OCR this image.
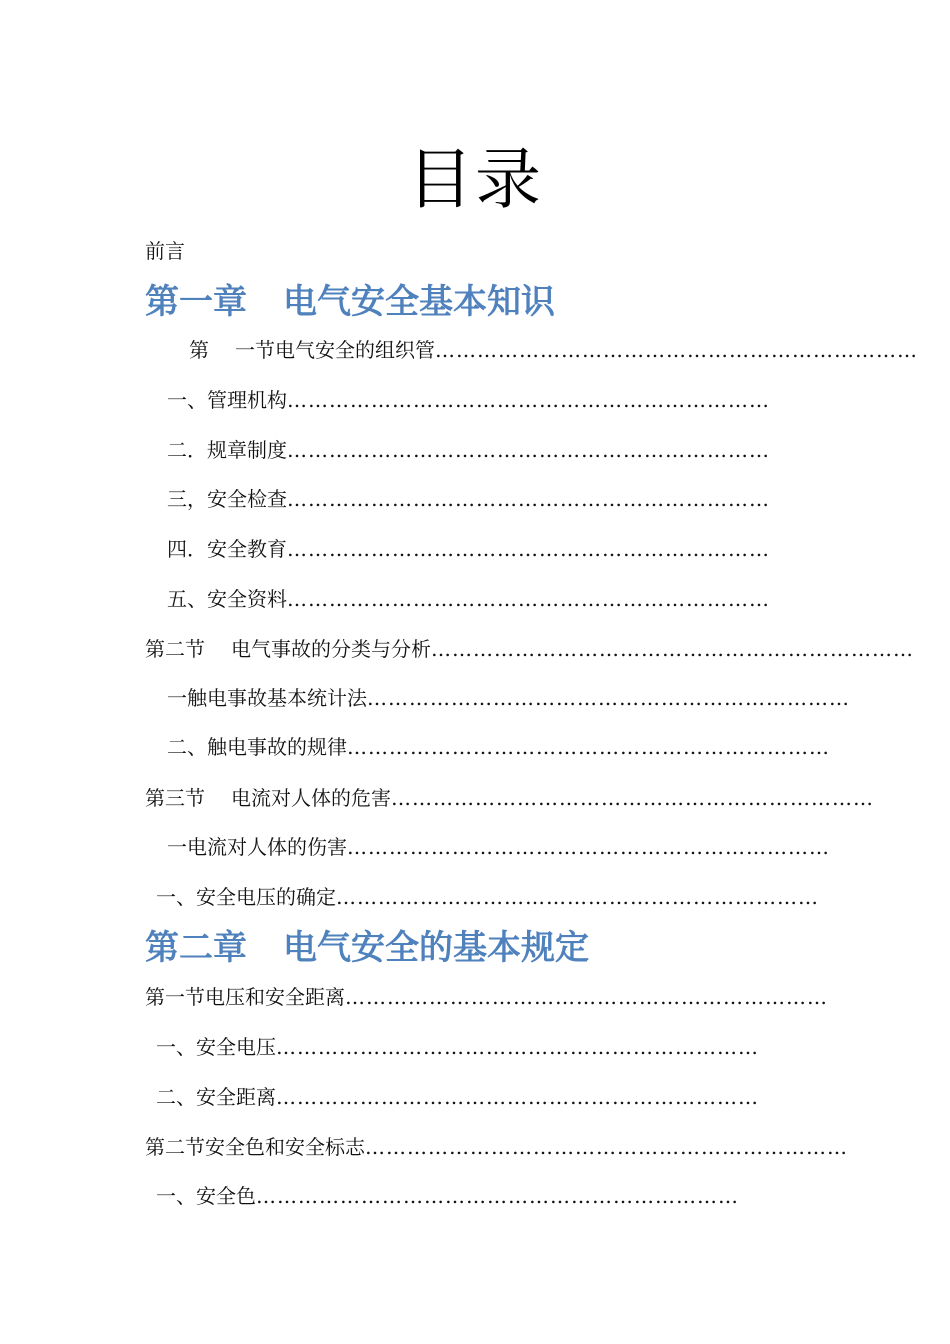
目录
前言
第一章 电气安全基本知识
第 一节电气安全的组织管……………………………………………………………
一、管理机构……………………………………………………………
二．规章制度……………………………………………………………
三，安全检查……………………………………………………………
四．安全教育……………………………………………………………
五、安全资料……………………………………………………………
第二节 电气事故的分类与分析……………………………………………………………
一触电事故基本统计法……………………………………………………………
二、触电事故的规律……………………………………………………………
第三节 电流对人体的危害……………………………………………………………
一电流对人体的伤害……………………………………………………………
一、安全电压的确定……………………………………………………………
第二章 电气安全的基本规定
第一节电压和安全距离……………………………………………………………
一、安全电压……………………………………………………………
二、安全距离……………………………………………………………
第二节安全色和安全标志……………………………………………………………
一、安全色……………………………………………………………
